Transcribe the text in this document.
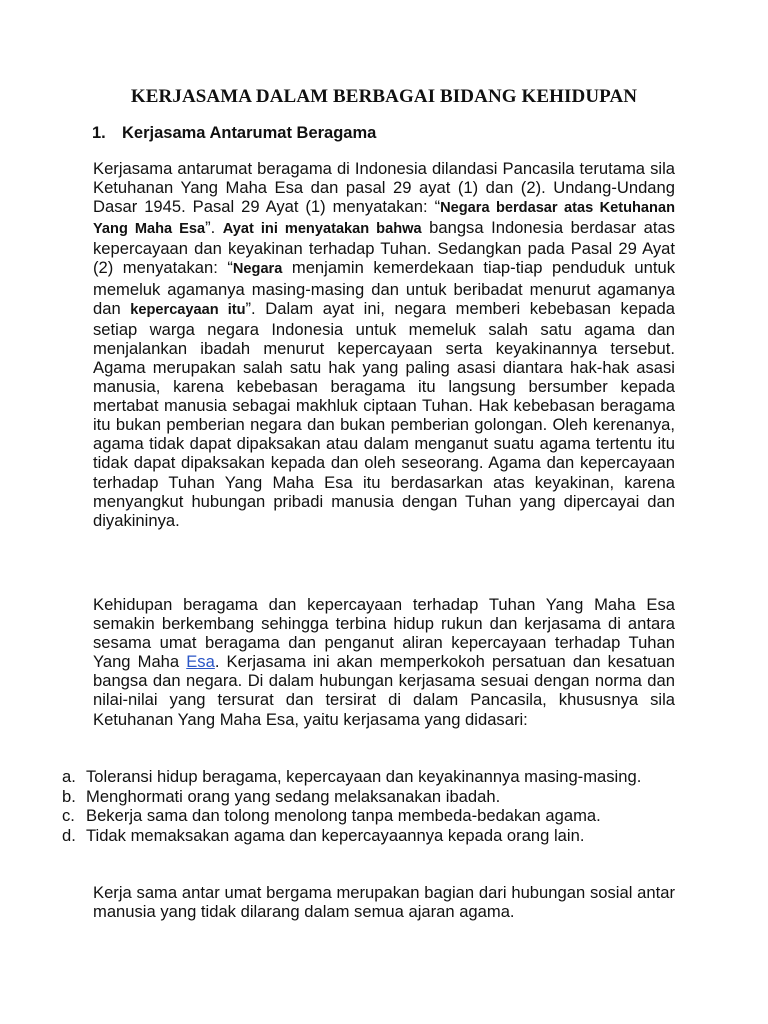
KERJASAMA DALAM BERBAGAI BIDANG KEHIDUPAN
1. Kerjasama Antarumat Beragama

Kerjasama antarumat beragama di Indonesia dilandasi Pancasila terutama sila Ketuhanan Yang Maha Esa dan pasal 29 ayat (1) dan (2). Undang-Undang Dasar 1945. Pasal 29 Ayat (1) menyatakan: “Negara berdasar atas Ketuhanan Yang Maha Esa”. Ayat ini menyatakan bahwa bangsa Indonesia berdasar atas kepercayaan dan keyakinan terhadap Tuhan. Sedangkan pada Pasal 29 Ayat (2) menyatakan: “Negara menjamin kemerdekaan tiap-tiap penduduk untuk memeluk agamanya masing-masing dan untuk beribadat menurut agamanya dan kepercayaan itu”. Dalam ayat ini, negara memberi kebebasan kepada setiap warga negara Indonesia untuk memeluk salah satu agama dan menjalankan ibadah menurut kepercayaan serta keyakinannya tersebut. Agama merupakan salah satu hak yang paling asasi diantara hak-hak asasi manusia, karena kebebasan beragama itu langsung bersumber kepada mertabat manusia sebagai makhluk ciptaan Tuhan. Hak kebebasan beragama itu bukan pemberian negara dan bukan pemberian golongan. Oleh kerenanya, agama tidak dapat dipaksakan atau dalam menganut suatu agama tertentu itu tidak dapat dipaksakan kepada dan oleh seseorang. Agama dan kepercayaan terhadap Tuhan Yang Maha Esa itu berdasarkan atas keyakinan, karena menyangkut hubungan pribadi manusia dengan Tuhan yang dipercayai dan diyakininya.

Kehidupan beragama dan kepercayaan terhadap Tuhan Yang Maha Esa semakin berkembang sehingga terbina hidup rukun dan kerjasama di antara sesama umat beragama dan penganut aliran kepercayaan terhadap Tuhan Yang Maha Esa. Kerjasama ini akan memperkokoh persatuan dan kesatuan bangsa dan negara. Di dalam hubungan kerjasama sesuai dengan norma dan nilai-nilai yang tersurat dan tersirat di dalam Pancasila, khususnya sila Ketuhanan Yang Maha Esa, yaitu kerjasama yang didasari:

a. Toleransi hidup beragama, kepercayaan dan keyakinannya masing-masing.
b. Menghormati orang yang sedang melaksanakan ibadah.
c. Bekerja sama dan tolong menolong tanpa membeda-bedakan agama.
d. Tidak memaksakan agama dan kepercayaannya kepada orang lain.

Kerja sama antar umat bergama merupakan bagian dari hubungan sosial antar manusia yang tidak dilarang dalam semua ajaran agama.
